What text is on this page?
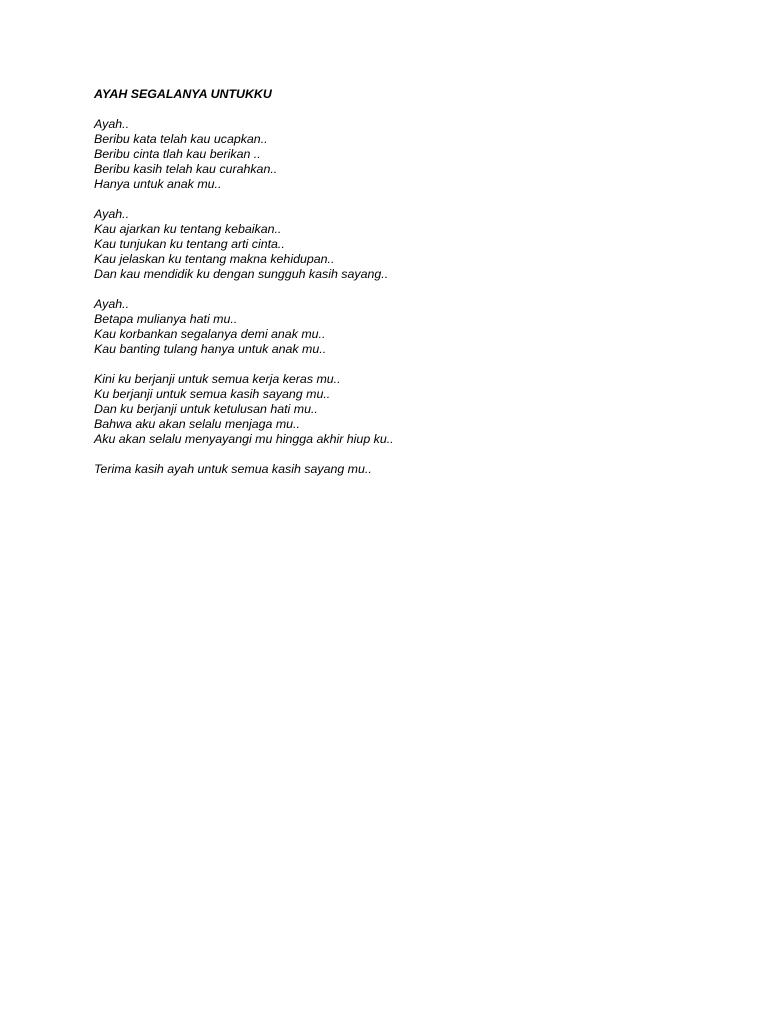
AYAH SEGALANYA UNTUKKU
Ayah..
Beribu kata telah kau ucapkan..
Beribu cinta tlah kau berikan ..
Beribu kasih telah kau curahkan..
Hanya untuk anak mu..
Ayah..
Kau ajarkan ku tentang kebaikan..
Kau tunjukan ku tentang arti cinta..
Kau jelaskan ku tentang makna kehidupan..
Dan kau mendidik ku dengan sungguh kasih sayang..
Ayah..
Betapa mulianya hati mu..
Kau korbankan segalanya demi anak mu..
Kau banting tulang hanya untuk anak mu..
Kini ku berjanji untuk semua kerja keras mu..
Ku berjanji untuk semua kasih sayang mu..
Dan ku berjanji untuk ketulusan hati mu..
Bahwa aku akan selalu menjaga mu..
Aku akan selalu menyayangi mu hingga akhir hiup ku..
Terima kasih ayah untuk semua kasih sayang mu..
